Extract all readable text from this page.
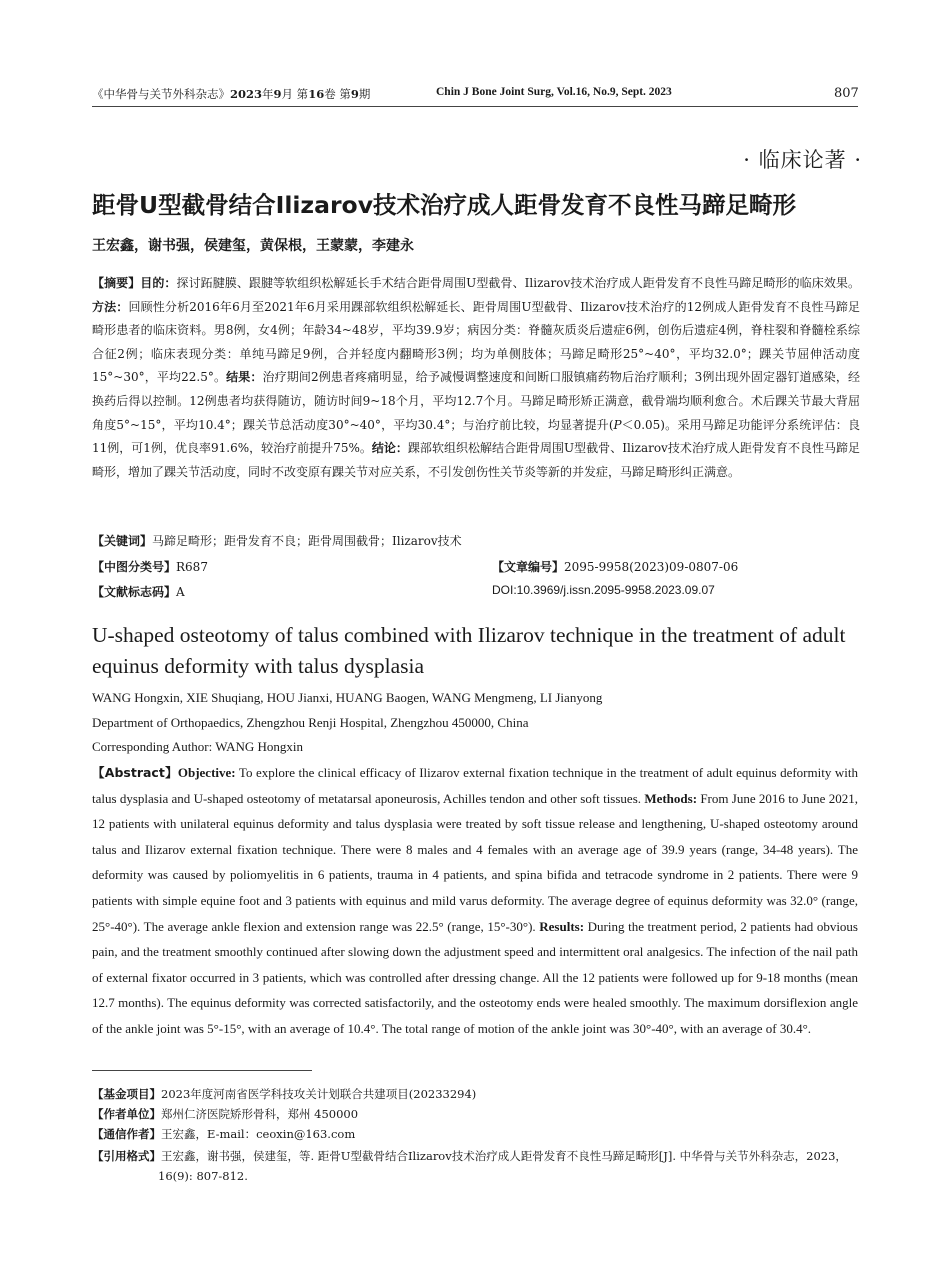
《中华骨与关节外科杂志》2023年9月 第16卷 第9期	Chin J Bone Joint Surg, Vol.16, No.9, Sept. 2023	807
· 临床论著 ·
距骨U型截骨结合Ilizarov技术治疗成人距骨发育不良性马蹄足畸形
王宏鑫，谢书强，侯建玺，黄保根，王蒙蒙，李建永
【摘要】目的：探讨跖腱膜、跟腱等软组织松解延长手术结合距骨周围U型截骨、Ilizarov技术治疗成人距骨发育不良性马蹄足畸形的临床效果。方法：回顾性分析2016年6月至2021年6月采用踝部软组织松解延长、距骨周围U型截骨、Ilizarov技术治疗的12例成人距骨发育不良性马蹄足畸形患者的临床资料。男8例，女4例；年龄34~48岁，平均39.9岁；病因分类：脊髓灰质炎后遗症6例，创伤后遗症4例，脊柱裂和脊髓栓系综合征2例；临床表现分类：单纯马蹄足9例，合并轻度内翻畸形3例；均为单侧肢体；马蹄足畸形25°~40°，平均32.0°；踝关节屈伸活动度15°~30°，平均22.5°。结果：治疗期间2例患者疼痛明显，给予减慢调整速度和间断口服镇痛药物后治疗顺利；3例出现外固定器钉道感染，经换药后得以控制。12例患者均获得随访，随访时间9~18个月，平均12.7个月。马蹄足畸形矫正满意，截骨端均顺利愈合。术后踝关节最大背屈角度5°~15°，平均10.4°；踝关节总活动度30°~40°，平均30.4°；与治疗前比较，均显著提升(P＜0.05)。采用马蹄足功能评分系统评估：良11例，可1例，优良率91.6%，较治疗前提升75%。结论：踝部软组织松解结合距骨周围U型截骨、Ilizarov技术治疗成人距骨发育不良性马蹄足畸形，增加了踝关节活动度，同时不改变原有踝关节对应关系，不引发创伤性关节炎等新的并发症，马蹄足畸形纠正满意。
【关键词】马蹄足畸形；距骨发育不良；距骨周围截骨；Ilizarov技术
【中图分类号】R687	【文章编号】2095-9958(2023)09-0807-06
【文献标志码】A	DOI:10.3969/j.issn.2095-9958.2023.09.07
U-shaped osteotomy of talus combined with Ilizarov technique in the treatment of adult equinus deformity with talus dysplasia
WANG Hongxin, XIE Shuqiang, HOU Jianxi, HUANG Baogen, WANG Mengmeng, LI Jianyong
Department of Orthopaedics, Zhengzhou Renji Hospital, Zhengzhou 450000, China
Corresponding Author: WANG Hongxin
【Abstract】Objective: To explore the clinical efficacy of Ilizarov external fixation technique in the treatment of adult equinus deformity with talus dysplasia and U-shaped osteotomy of metatarsal aponeurosis, Achilles tendon and other soft tissues. Methods: From June 2016 to June 2021, 12 patients with unilateral equinus deformity and talus dysplasia were treated by soft tissue release and lengthening, U-shaped osteotomy around talus and Ilizarov external fixation technique. There were 8 males and 4 females with an average age of 39.9 years (range, 34-48 years). The deformity was caused by poliomyelitis in 6 patients, trauma in 4 patients, and spina bifida and tetracode syndrome in 2 patients. There were 9 patients with simple equine foot and 3 patients with equinus and mild varus deformity. The average degree of equinus deformity was 32.0° (range, 25°-40°). The average ankle flexion and extension range was 22.5° (range, 15°-30°). Results: During the treatment period, 2 patients had obvious pain, and the treatment smoothly continued after slowing down the adjustment speed and intermittent oral analgesics. The infection of the nail path of external fixator occurred in 3 patients, which was controlled after dressing change. All the 12 patients were followed up for 9-18 months (mean 12.7 months). The equinus deformity was corrected satisfactorily, and the osteotomy ends were healed smoothly. The maximum dorsiflexion angle of the ankle joint was 5°-15°, with an average of 10.4°. The total range of motion of the ankle joint was 30°-40°, with an average of 30.4°.
【基金项目】2023年度河南省医学科技攻关计划联合共建项目(20233294)
【作者单位】郑州仁济医院矫形骨科，郑州 450000
【通信作者】王宏鑫，E-mail：ceoxin@163.com
【引用格式】王宏鑫，谢书强，侯建玺，等. 距骨U型截骨结合Ilizarov技术治疗成人距骨发育不良性马蹄足畸形[J]. 中华骨与关节外科杂志，2023，
16(9): 807-812.
